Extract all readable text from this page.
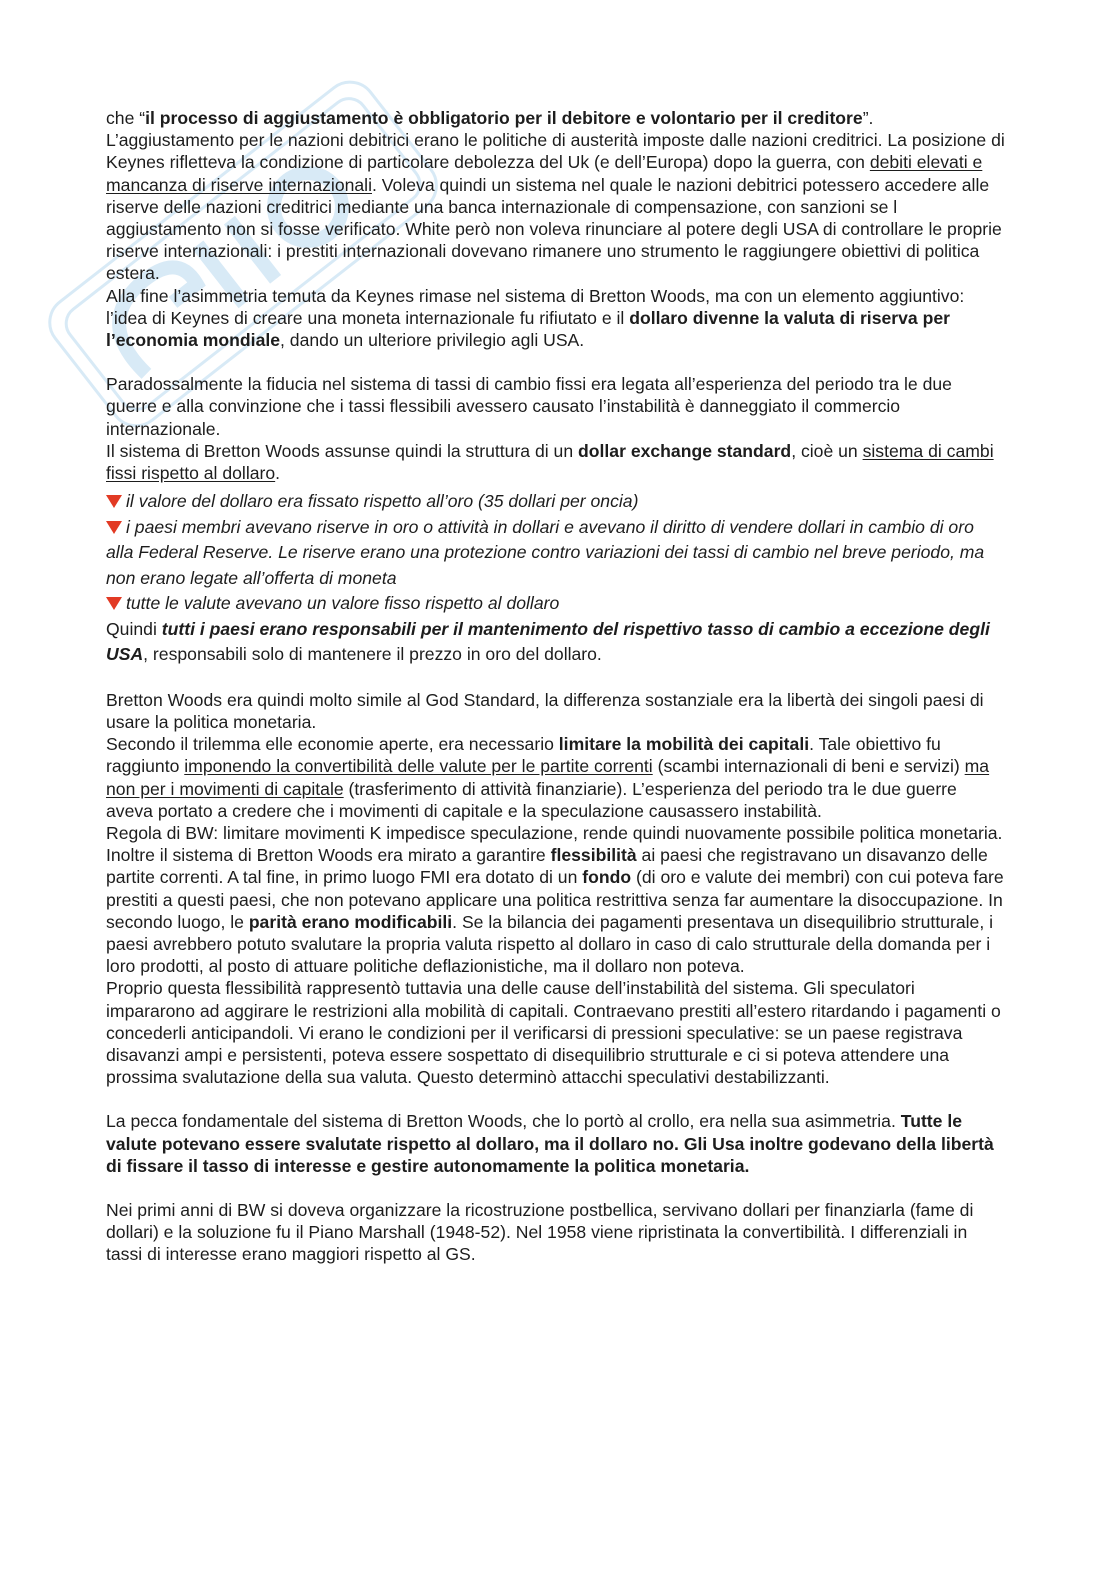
che “il processo di aggiustamento è obbligatorio per il debitore e volontario per il creditore”. L’aggiustamento per le nazioni debitrici erano le politiche di austerità imposte dalle nazioni creditrici. La posizione di Keynes rifletteva la condizione di particolare debolezza del Uk (e dell’Europa) dopo la guerra, con debiti elevati e mancanza di riserve internazionali. Voleva quindi un sistema nel quale le nazioni debitrici potessero accedere alle riserve delle nazioni creditrici mediante una banca internazionale di compensazione, con sanzioni se l aggiustamento non si fosse verificato. White però non voleva rinunciare al potere degli USA di controllare le proprie riserve internazionali: i prestiti internazionali dovevano rimanere uno strumento le raggiungere obiettivi di politica estera.

Alla fine l’asimmetria temuta da Keynes rimase nel sistema di Bretton Woods, ma con un elemento aggiuntivo: l’idea di Keynes di creare una moneta internazionale fu rifiutato e il dollaro divenne la valuta di riserva per l’economia mondiale, dando un ulteriore privilegio agli USA.

Paradossalmente la fiducia nel sistema di tassi di cambio fissi era legata all’esperienza del periodo tra le due guerre e alla convinzione che i tassi flessibili avessero causato l’instabilità è danneggiato il commercio internazionale.

Il sistema di Bretton Woods assunse quindi la struttura di un dollar exchange standard, cioè un sistema di cambi fissi rispetto al dollaro.

il valore del dollaro era fissato rispetto all’oro (35 dollari per oncia)

i paesi membri avevano riserve in oro o attività in dollari e avevano il diritto di vendere dollari in cambio di oro alla Federal Reserve. Le riserve erano una protezione contro variazioni dei tassi di cambio nel breve periodo, ma non erano legate all’offerta di moneta

tutte le valute avevano un valore fisso rispetto al dollaro

Quindi tutti i paesi erano responsabili per il mantenimento del rispettivo tasso di cambio a eccezione degli USA, responsabili solo di mantenere il prezzo in oro del dollaro.

Bretton Woods era quindi molto simile al God Standard, la differenza sostanziale era la libertà dei singoli paesi di usare la politica monetaria.

Secondo il trilemma elle economie aperte, era necessario limitare la mobilità dei capitali. Tale obiettivo fu raggiunto imponendo la convertibilità delle valute per le partite correnti (scambi internazionali di beni e servizi) ma non per i movimenti di capitale (trasferimento di attività finanziarie). L’esperienza del periodo tra le due guerre aveva portato a credere che i movimenti di capitale e la speculazione causassero instabilità.

Regola di BW: limitare movimenti K impedisce speculazione, rende quindi nuovamente possibile politica monetaria.

Inoltre il sistema di Bretton Woods era mirato a garantire flessibilità ai paesi che registravano un disavanzo delle partite correnti. A tal fine, in primo luogo FMI era dotato di un fondo (di oro e valute dei membri) con cui poteva fare prestiti a questi paesi, che non potevano applicare una politica restrittiva senza far aumentare la disoccupazione. In secondo luogo, le parità erano modificabili. Se la bilancia dei pagamenti presentava un disequilibrio strutturale, i paesi avrebbero potuto svalutare la propria valuta rispetto al dollaro in caso di calo strutturale della domanda per i loro prodotti, al posto di attuare politiche deflazionistiche, ma il dollaro non poteva.

Proprio questa flessibilità rappresentò tuttavia una delle cause dell’instabilità del sistema. Gli speculatori impararono ad aggirare le restrizioni alla mobilità di capitali. Contraevano prestiti all’estero ritardando i pagamenti o concederli anticipandoli. Vi erano le condizioni per il verificarsi di pressioni speculative: se un paese registrava disavanzi ampi e persistenti, poteva essere sospettato di disequilibrio strutturale e ci si poteva attendere una prossima svalutazione della sua valuta. Questo determinò attacchi speculativi destabilizzanti.

La pecca fondamentale del sistema di Bretton Woods, che lo portò al crollo, era nella sua asimmetria. Tutte le valute potevano essere svalutate rispetto al dollaro, ma il dollaro no. Gli Usa inoltre godevano della libertà di fissare il tasso di interesse e gestire autonomamente la politica monetaria.

Nei primi anni di BW si doveva organizzare la ricostruzione postbellica, servivano dollari per finanziarla (fame di dollari) e la soluzione fu il Piano Marshall (1948-52). Nel 1958 viene ripristinata la convertibilità. I differenziali in tassi di interesse erano maggiori rispetto al GS.
